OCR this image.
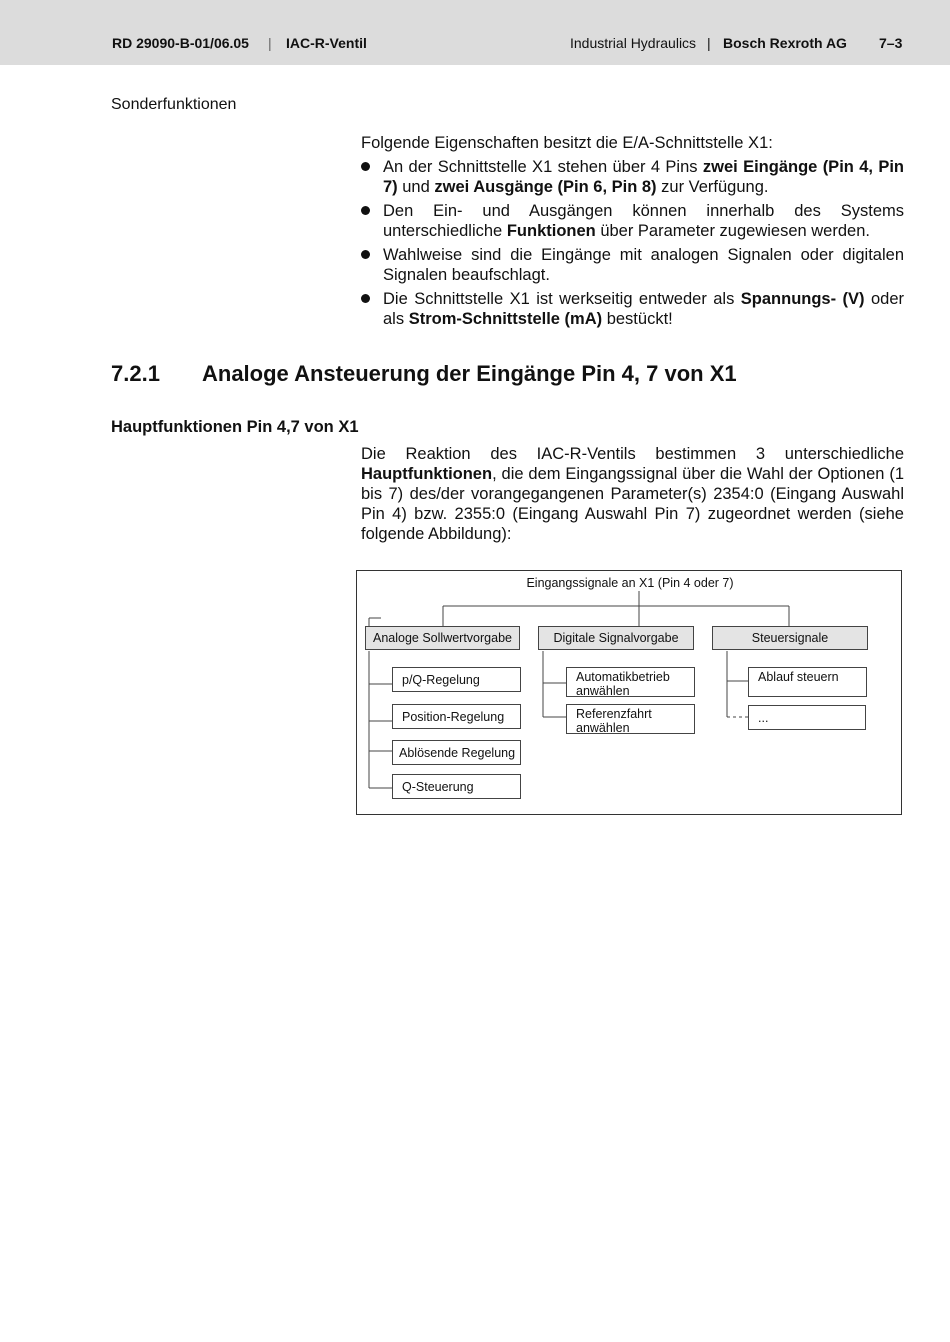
RD 29090-B-01/06.05 | IAC-R-Ventil	Industrial Hydraulics | Bosch Rexroth AG 7–3
Sonderfunktionen
Folgende Eigenschaften besitzt die E/A-Schnittstelle X1:
An der Schnittstelle X1 stehen über 4 Pins zwei Eingänge (Pin 4, Pin 7) und zwei Ausgänge (Pin 6, Pin 8) zur Verfügung.
Den Ein- und Ausgängen können innerhalb des Systems unterschiedliche Funktionen über Parameter zugewiesen werden.
Wahlweise sind die Eingänge mit analogen Signalen oder digitalen Signalen beaufschlagt.
Die Schnittstelle X1 ist werkseitig entweder als Spannungs- (V) oder als Strom-Schnittstelle (mA) bestückt!
7.2.1 Analoge Ansteuerung der Eingänge Pin 4, 7 von X1
Hauptfunktionen Pin 4,7 von X1
Die Reaktion des IAC-R-Ventils bestimmen 3 unterschiedliche Hauptfunktionen, die dem Eingangssignal über die Wahl der Optionen (1 bis 7) des/der vorangegangenen Parameter(s) 2354:0 (Eingang Auswahl Pin 4) bzw. 2355:0 (Eingang Auswahl Pin 7) zugeordnet werden (siehe folgende Abbildung):
Eingangssignale an X1 (Pin 4 oder 7)
Analoge Sollwertvorgabe	Digitale Signalvorgabe	Steuersignale
p/Q-Regelung
Position-Regelung
Ablösende Regelung
Q-Steuerung
Automatikbetrieb
anwählen
Referenzfahrt
anwählen
Ablauf steuern
...
